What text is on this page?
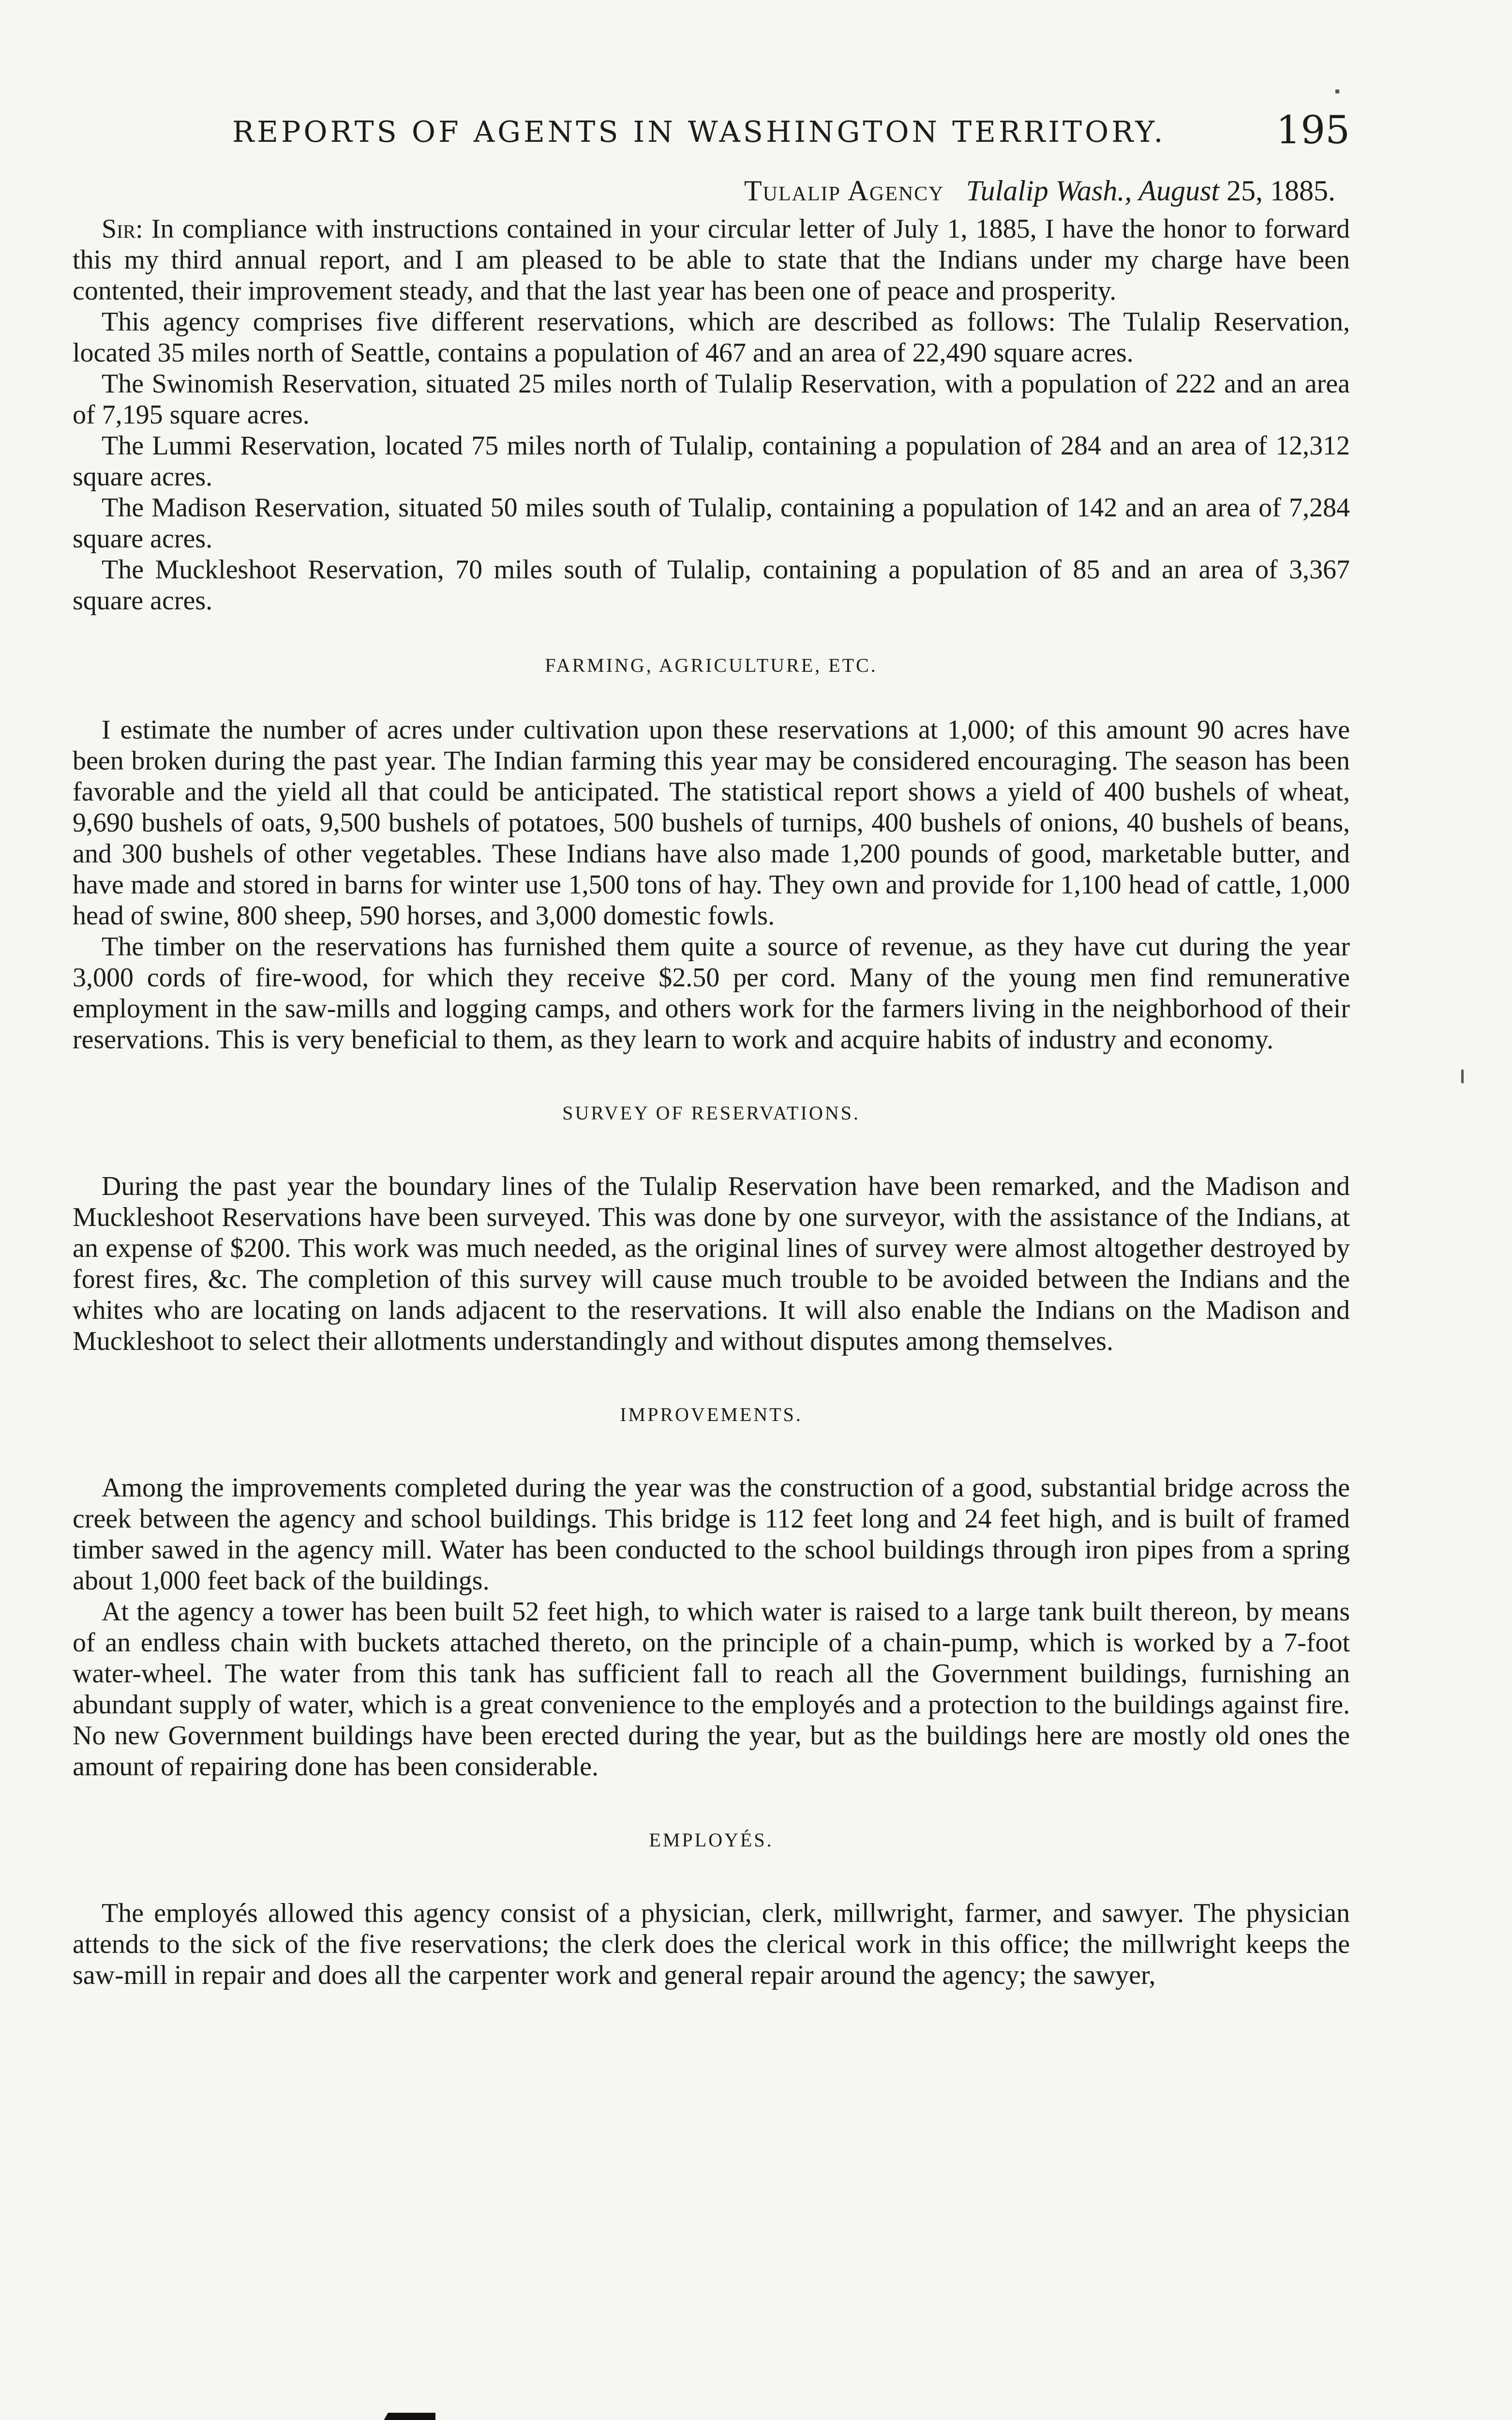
REPORTS OF AGENTS IN WASHINGTON TERRITORY.	195
Tulalip Agency Tulalip Wash., August 25, 1885.

Sir: In compliance with instructions contained in your circular letter of July 1, 1885, I have the honor to forward this my third annual report, and I am pleased to be able to state that the Indians under my charge have been contented, their improvement steady, and that the last year has been one of peace and prosperity.

This agency comprises five different reservations, which are described as follows: The Tulalip Reservation, located 35 miles north of Seattle, contains a population of 467 and an area of 22,490 square acres.

The Swinomish Reservation, situated 25 miles north of Tulalip Reservation, with a population of 222 and an area of 7,195 square acres.

The Lummi Reservation, located 75 miles north of Tulalip, containing a population of 284 and an area of 12,312 square acres.

The Madison Reservation, situated 50 miles south of Tulalip, containing a population of 142 and an area of 7,284 square acres.

The Muckleshoot Reservation, 70 miles south of Tulalip, containing a population of 85 and an area of 3,367 square acres.

FARMING, AGRICULTURE, ETC.

I estimate the number of acres under cultivation upon these reservations at 1,000; of this amount 90 acres have been broken during the past year. The Indian farming this year may be considered encouraging. The season has been favorable and the yield all that could be anticipated. The statistical report shows a yield of 400 bushels of wheat, 9,690 bushels of oats, 9,500 bushels of potatoes, 500 bushels of turnips, 400 bushels of onions, 40 bushels of beans, and 300 bushels of other vegetables. These Indians have also made 1,200 pounds of good, marketable butter, and have made and stored in barns for winter use 1,500 tons of hay. They own and provide for 1,100 head of cattle, 1,000 head of swine, 800 sheep, 590 horses, and 3,000 domestic fowls.

The timber on the reservations has furnished them quite a source of revenue, as they have cut during the year 3,000 cords of fire-wood, for which they receive $2.50 per cord. Many of the young men find remunerative employment in the saw-mills and logging camps, and others work for the farmers living in the neighborhood of their reservations. This is very beneficial to them, as they learn to work and acquire habits of industry and economy.

SURVEY OF RESERVATIONS.

During the past year the boundary lines of the Tulalip Reservation have been remarked, and the Madison and Muckleshoot Reservations have been surveyed. This was done by one surveyor, with the assistance of the Indians, at an expense of $200. This work was much needed, as the original lines of survey were almost altogether destroyed by forest fires, &c. The completion of this survey will cause much trouble to be avoided between the Indians and the whites who are locating on lands adjacent to the reservations. It will also enable the Indians on the Madison and Muckleshoot to select their allotments understandingly and without disputes among themselves.

IMPROVEMENTS.

Among the improvements completed during the year was the construction of a good, substantial bridge across the creek between the agency and school buildings. This bridge is 112 feet long and 24 feet high, and is built of framed timber sawed in the agency mill. Water has been conducted to the school buildings through iron pipes from a spring about 1,000 feet back of the buildings.

At the agency a tower has been built 52 feet high, to which water is raised to a large tank built thereon, by means of an endless chain with buckets attached thereto, on the principle of a chain-pump, which is worked by a 7-foot water-wheel. The water from this tank has sufficient fall to reach all the Government buildings, furnishing an abundant supply of water, which is a great convenience to the employés and a protection to the buildings against fire. No new Government buildings have been erected during the year, but as the buildings here are mostly old ones the amount of repairing done has been considerable.

EMPLOYÉS.

The employés allowed this agency consist of a physician, clerk, millwright, farmer, and sawyer. The physician attends to the sick of the five reservations; the clerk does the clerical work in this office; the millwright keeps the saw-mill in repair and does all the carpenter work and general repair around the agency; the sawyer,
